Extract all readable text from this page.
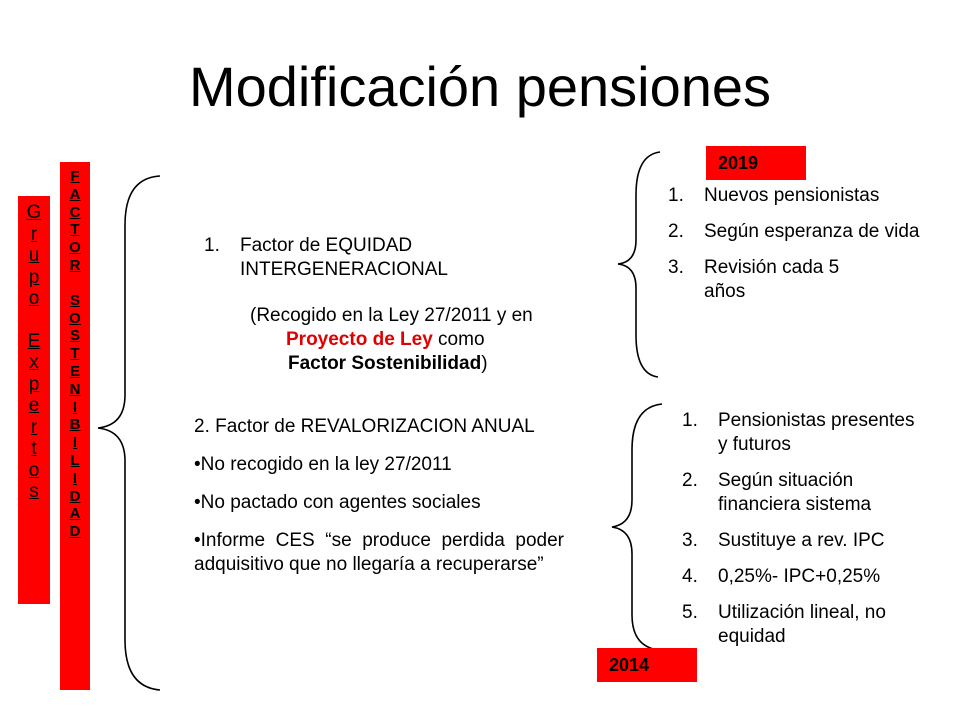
Modificación pensiones
G
r
u
p
o
E
x
p
e
r
t
o
s
F
A
C
T
O
R
S
O
S
T
E
N
I
B
I
L
I
D
A
D
1.	Factor de EQUIDAD INTERGENERACIONAL
(Recogido en la Ley 27/2011 y en
Proyecto de Ley como
Factor Sostenibilidad)
2. Factor de REVALORIZACION ANUAL
•No recogido en la ley 27/2011
•No pactado con agentes sociales
•Informe CES “se produce perdida poder adquisitivo que no llegaría a recuperarse”
2019
1. Nuevos pensionistas
2. Según esperanza de vida
3. Revisión cada 5 años
1. Pensionistas presentes y futuros
2. Según situación financiera sistema
3. Sustituye a rev. IPC
4. 0,25%- IPC+0,25%
5. Utilización lineal, no equidad
2014
